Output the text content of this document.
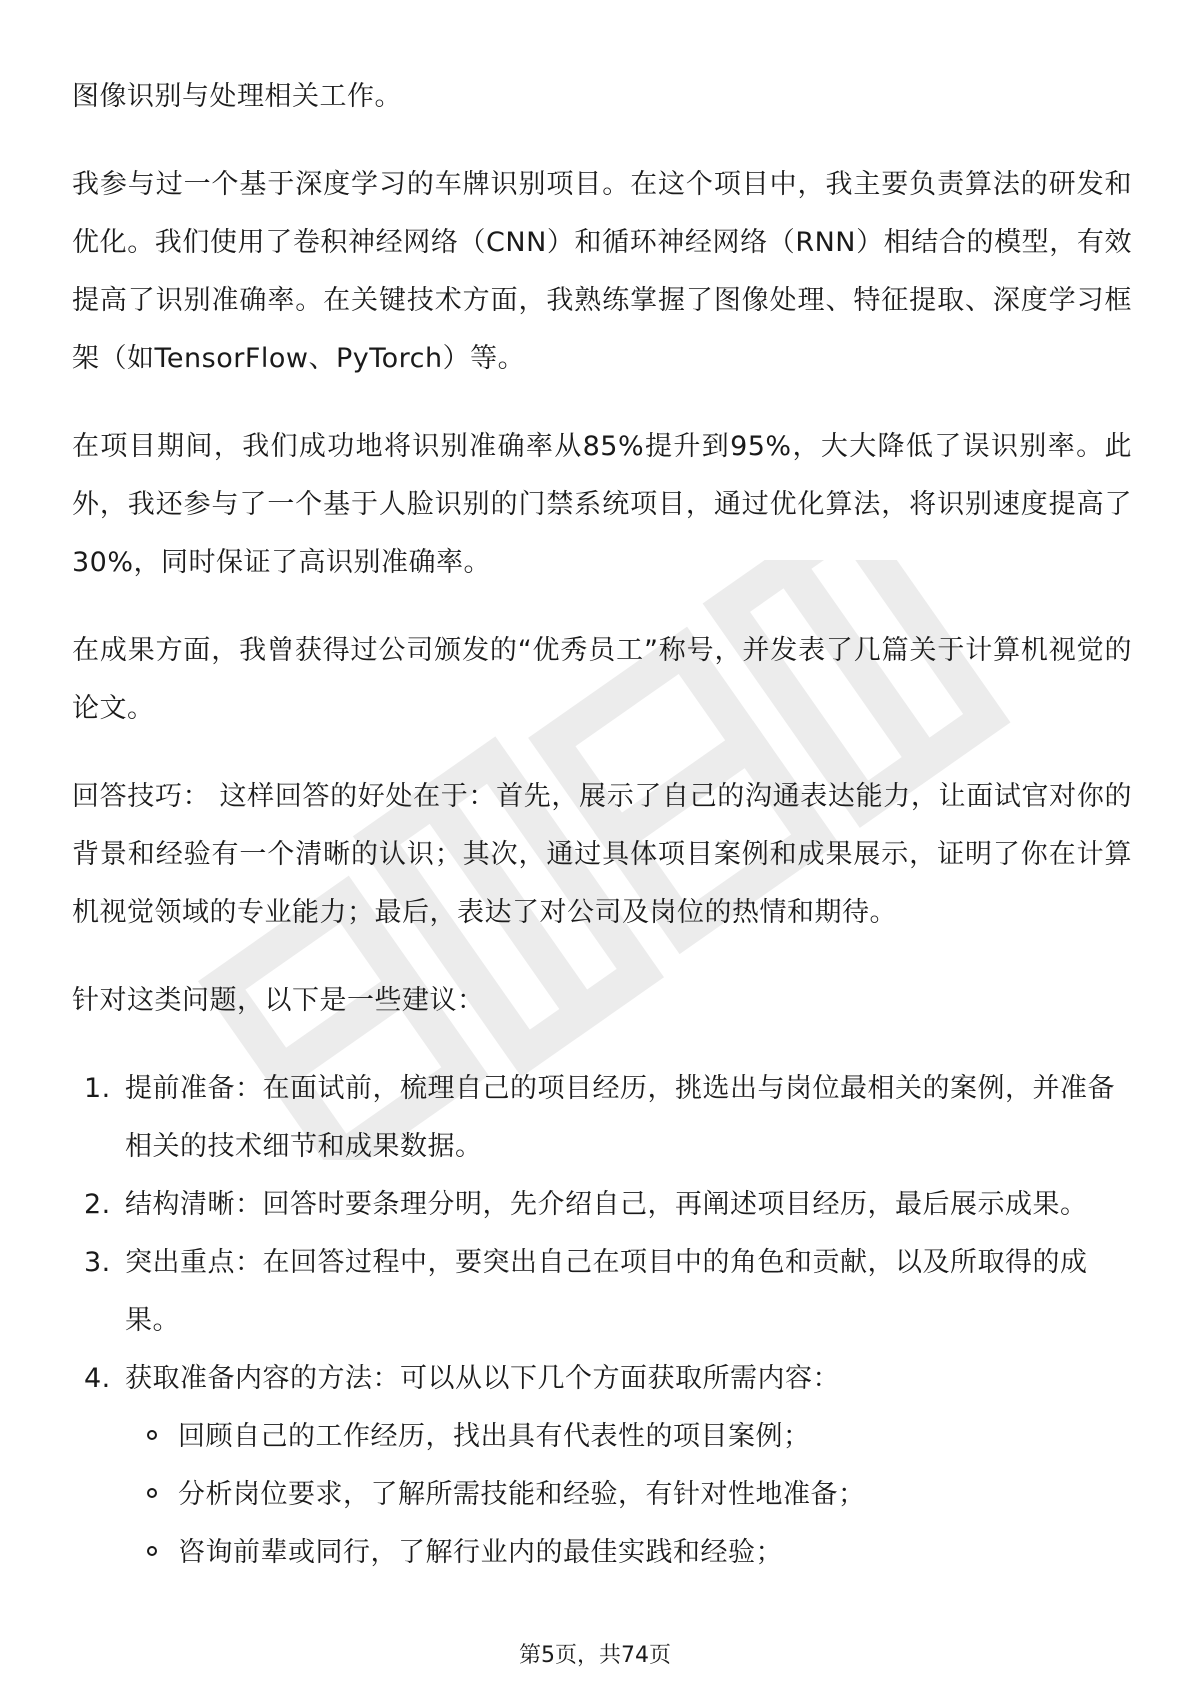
图像识别与处理相关工作。

我参与过一个基于深度学习的车牌识别项目。在这个项目中，我主要负责算法的研发和优化。我们使用了卷积神经网络（CNN）和循环神经网络（RNN）相结合的模型，有效提高了识别准确率。在关键技术方面，我熟练掌握了图像处理、特征提取、深度学习框架（如TensorFlow、PyTorch）等。

在项目期间，我们成功地将识别准确率从85%提升到95%，大大降低了误识别率。此外，我还参与了一个基于人脸识别的门禁系统项目，通过优化算法，将识别速度提高了30%，同时保证了高识别准确率。

在成果方面，我曾获得过公司颁发的“优秀员工”称号，并发表了几篇关于计算机视觉的论文。

回答技巧： 这样回答的好处在于：首先，展示了自己的沟通表达能力，让面试官对你的背景和经验有一个清晰的认识；其次，通过具体项目案例和成果展示，证明了你在计算机视觉领域的专业能力；最后，表达了对公司及岗位的热情和期待。

针对这类问题，以下是一些建议：

1. 提前准备：在面试前，梳理自己的项目经历，挑选出与岗位最相关的案例，并准备相关的技术细节和成果数据。
2. 结构清晰：回答时要条理分明，先介绍自己，再阐述项目经历，最后展示成果。
3. 突出重点：在回答过程中，要突出自己在项目中的角色和贡献，以及所取得的成果。
4. 获取准备内容的方法：可以从以下几个方面获取所需内容：
回顾自己的工作经历，找出具有代表性的项目案例；
分析岗位要求，了解所需技能和经验，有针对性地准备；
咨询前辈或同行，了解行业内的最佳实践和经验；
第5页，共74页
